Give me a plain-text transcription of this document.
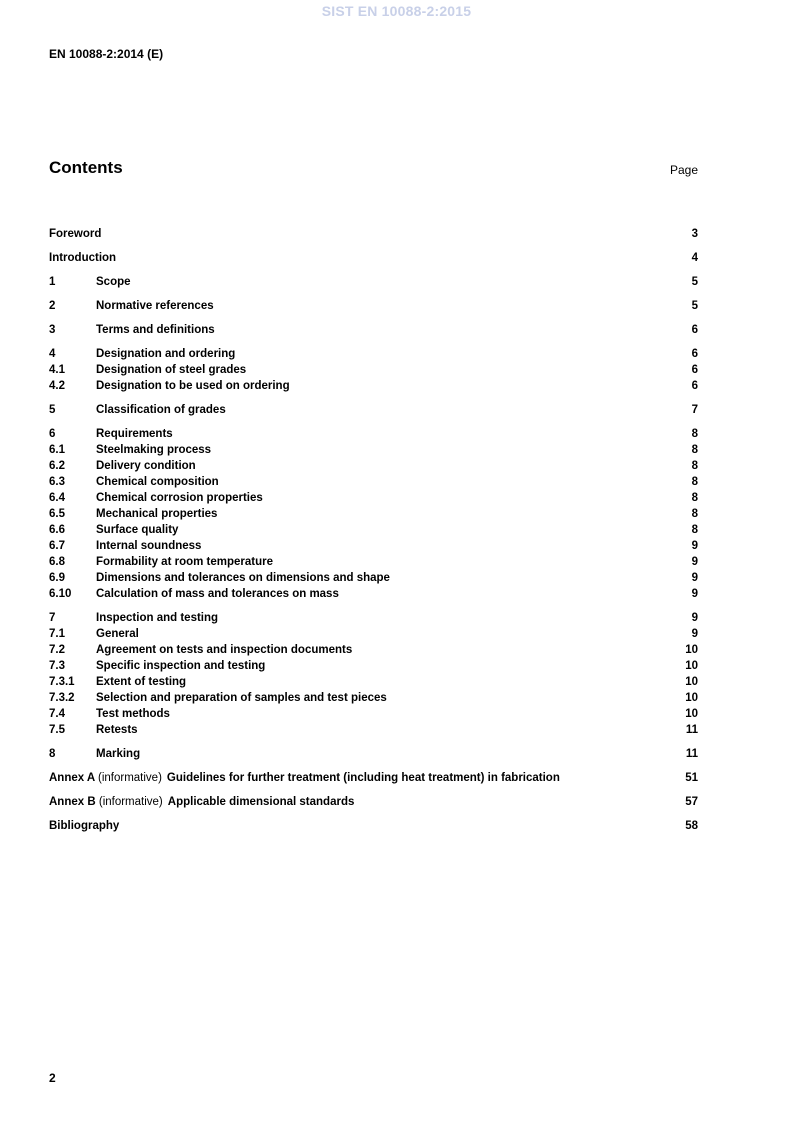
SIST EN 10088-2:2015
EN 10088-2:2014 (E)
Contents	Page
Foreword	3
Introduction	4
1	Scope	5
2	Normative references	5
3	Terms and definitions	6
4	Designation and ordering	6
4.1	Designation of steel grades	6
4.2	Designation to be used on ordering	6
5	Classification of grades	7
6	Requirements	8
6.1	Steelmaking process	8
6.2	Delivery condition	8
6.3	Chemical composition	8
6.4	Chemical corrosion properties	8
6.5	Mechanical properties	8
6.6	Surface quality	8
6.7	Internal soundness	9
6.8	Formability at room temperature	9
6.9	Dimensions and tolerances on dimensions and shape	9
6.10	Calculation of mass and tolerances on mass	9
7	Inspection and testing	9
7.1	General	9
7.2	Agreement on tests and inspection documents	10
7.3	Specific inspection and testing	10
7.3.1	Extent of testing	10
7.3.2	Selection and preparation of samples and test pieces	10
7.4	Test methods	10
7.5	Retests	11
8	Marking	11
Annex A (informative) Guidelines for further treatment (including heat treatment) in fabrication	51
Annex B (informative) Applicable dimensional standards	57
Bibliography	58
2
